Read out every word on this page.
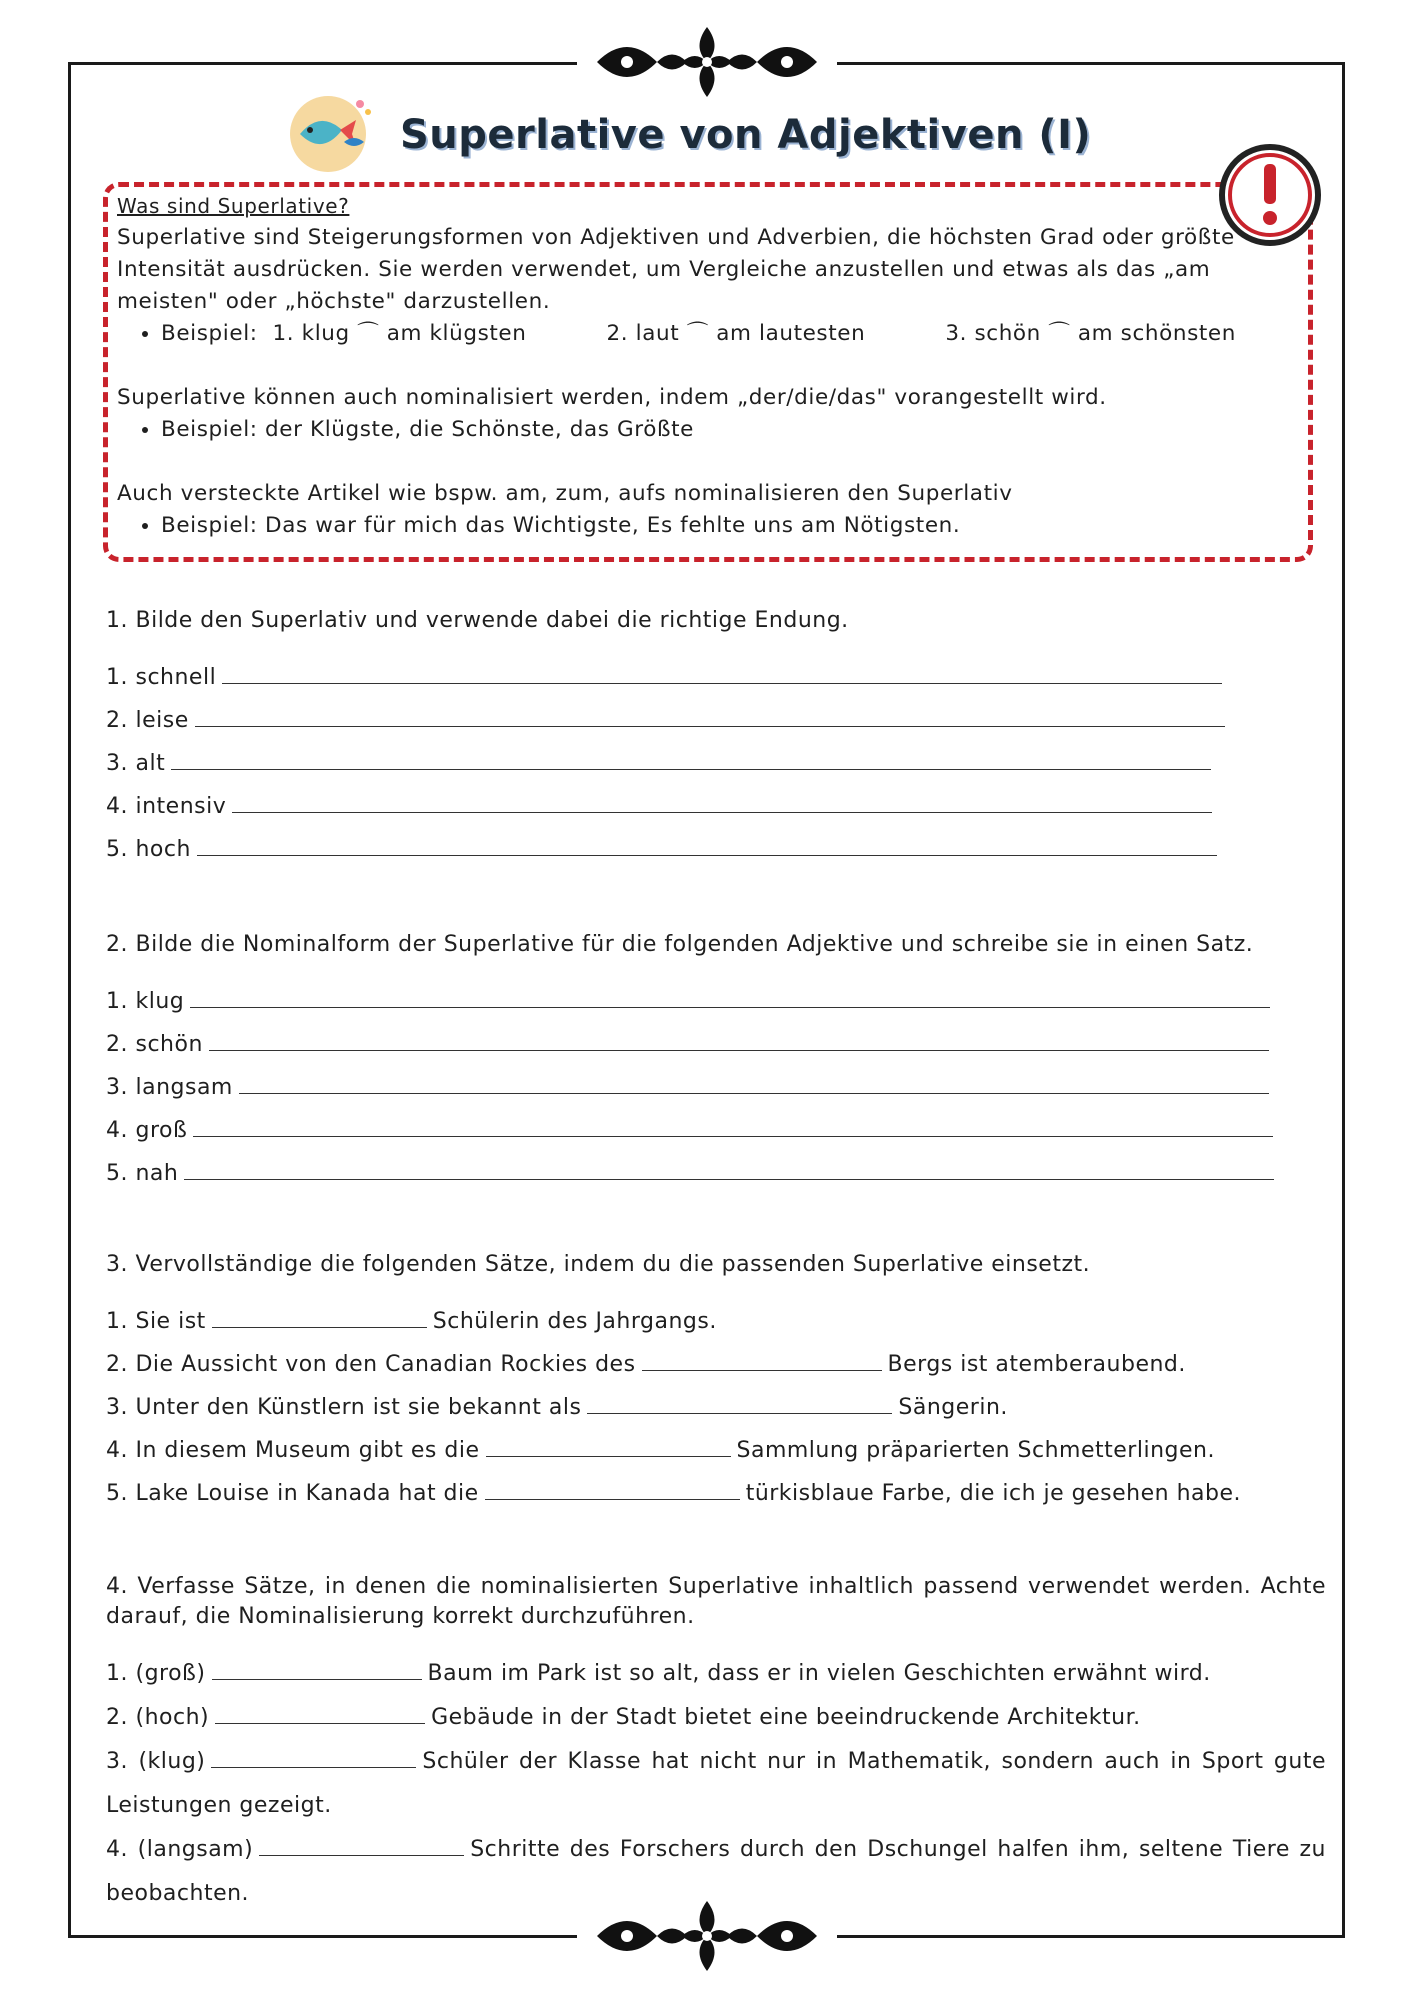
Superlative von Adjektiven (I)

Was sind Superlative?

Superlative sind Steigerungsformen von Adjektiven und Adverbien, die höchsten Grad oder größte Intensität ausdrücken. Sie werden verwendet, um Vergleiche anzustellen und etwas als das „am meisten" oder „höchste" darzustellen.

• Beispiel:
1.
klug
⌒
am klügsten	2.
laut
⌒
am lautesten	3.
schön
⌒
am schönsten

Superlative können auch nominalisiert werden, indem „der/die/das" vorangestellt wird.

• Beispiel: der Klügste, die Schönste, das Größte

Auch versteckte Artikel wie bspw. am, zum, aufs nominalisieren den Superlativ

• Beispiel: Das war für mich das Wichtigste, Es fehlte uns am Nötigsten.

1. Bilde den Superlativ und verwende dabei die richtige Endung.

1. schnell
2. leise
3. alt
4. intensiv
5. hoch

2. Bilde die Nominalform der Superlative für die folgenden Adjektive und schreibe sie in einen Satz.

1. klug
2. schön
3. langsam
4. groß
5. nah

3. Vervollständige die folgenden Sätze, indem du die passenden Superlative einsetzt.

1. Sie ist	Schülerin des Jahrgangs.
2. Die Aussicht von den Canadian Rockies des	Bergs ist atemberaubend.
3. Unter den Künstlern ist sie bekannt als	Sängerin.
4. In diesem Museum gibt es die	Sammlung präparierten Schmetterlingen.
5. Lake Louise in Kanada hat die	türkisblaue Farbe, die ich je gesehen habe.

4. Verfasse Sätze, in denen die nominalisierten Superlative inhaltlich passend verwendet werden. Achte darauf, die Nominalisierung korrekt durchzuführen.

1. (groß)	Baum im Park ist so alt, dass er in vielen Geschichten erwähnt wird.
2. (hoch)	Gebäude in der Stadt bietet eine beeindruckende Architektur.
3. (klug)	Schüler der Klasse hat nicht nur in Mathematik, sondern auch in Sport gute Leistungen gezeigt.
4. (langsam)	Schritte des Forschers durch den Dschungel halfen ihm, seltene Tiere zu beobachten.
